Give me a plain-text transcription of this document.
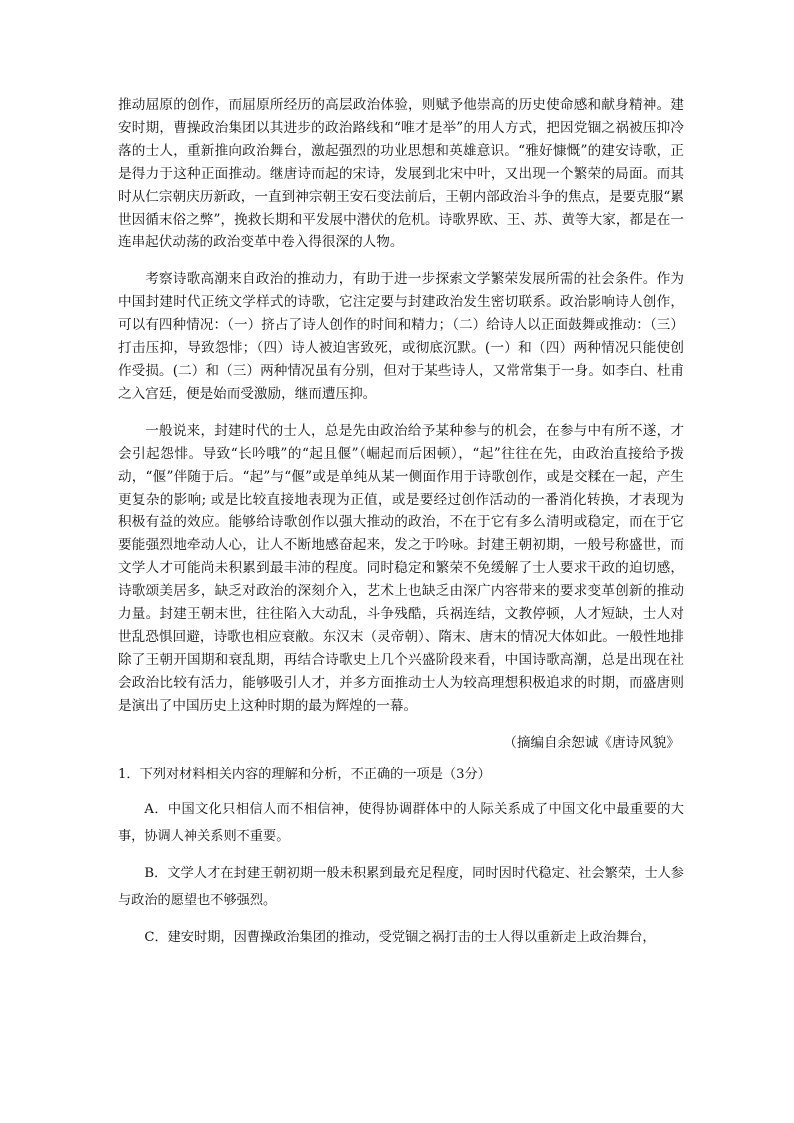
推动屈原的创作，而屈原所经历的高层政治体验，则赋予他崇高的历史使命感和献身精神。建安时期，曹操政治集团以其进步的政治路线和“唯才是举”的用人方式，把因党锢之祸被压抑冷落的士人，重新推向政治舞台，激起强烈的功业思想和英雄意识。“雅好慷慨”的建安诗歌，正是得力于这种正面推动。继唐诗而起的宋诗，发展到北宋中叶，又出现一个繁荣的局面。而其时从仁宗朝庆历新政，一直到神宗朝王安石变法前后，王朝内部政治斗争的焦点，是要克服“累世因循末俗之弊”，挽救长期和平发展中潜伏的危机。诗歌界欧、王、苏、黄等大家，都是在一连串起伏动荡的政治变革中卷入得很深的人物。

考察诗歌高潮来自政治的推动力，有助于进一步探索文学繁荣发展所需的社会条件。作为中国封建时代正统文学样式的诗歌，它注定要与封建政治发生密切联系。政治影响诗人创作，可以有四种情况：（一）挤占了诗人创作的时间和精力；（二）给诗人以正面鼓舞或推动：（三）打击压抑，导致怨悱；（四）诗人被迫害致死，或彻底沉默。(一）和（四）两种情况只能使创作受损。(二）和（三）两种情况虽有分别，但对于某些诗人，又常常集于一身。如李白、杜甫之入宫廷，便是始而受激励，继而遭压抑。

一般说来，封建时代的士人，总是先由政治给予某种参与的机会，在参与中有所不遂，才会引起怨悱。导致“长吟哦”的“起且偃”（崛起而后困顿），“起”往往在先，由政治直接给予拨动，“偃”伴随于后。“起”与“偃”或是单纯从某一侧面作用于诗歌创作，或是交糅在一起，产生更复杂的影响; 或是比较直接地表现为正值，或是要经过创作活动的一番消化转换，才表现为积极有益的效应。能够给诗歌创作以强大推动的政治，不在于它有多么清明或稳定，而在于它要能强烈地牵动人心，让人不断地感奋起来，发之于吟咏。封建王朝初期，一般号称盛世，而文学人才可能尚未积累到最丰沛的程度。同时稳定和繁荣不免缓解了士人要求干政的迫切感，诗歌颂美居多，缺乏对政治的深刻介入，艺术上也缺乏由深广内容带来的要求变革创新的推动力量。封建王朝末世，往往陷入大动乱，斗争残酷，兵祸连结，文教停顿，人才短缺，士人对世乱恐惧回避，诗歌也相应衰敝。东汉末（灵帝朝）、隋末、唐末的情况大体如此。一般性地排除了王朝开国期和衰乱期，再结合诗歌史上几个兴盛阶段来看，中国诗歌高潮，总是出现在社会政治比较有活力，能够吸引人才，并多方面推动士人为较高理想积极追求的时期，而盛唐则是演出了中国历史上这种时期的最为辉煌的一幕。

（摘编自余恕诚《唐诗风貌》

1．下列对材料相关内容的理解和分析，不正确的一项是（3分）

A．中国文化只相信人而不相信神，使得协调群体中的人际关系成了中国文化中最重要的大事，协调人神关系则不重要。

B．文学人才在封建王朝初期一般未积累到最充足程度，同时因时代稳定、社会繁荣，士人参与政治的愿望也不够强烈。

C．建安时期，因曹操政治集团的推动，受党锢之祸打击的士人得以重新走上政治舞台，
